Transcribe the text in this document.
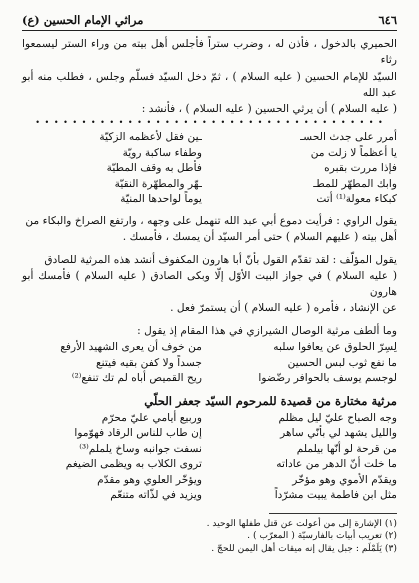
٦٤٦
مراثي الإمام الحسين (ع)

الحميري بالدخول ، فأذن له ، وضرب ستراً فأجلس أهل بيته من وراء الستر ليسمعوا رثاء

السيّد للإمام الحسين ( عليه السلام ) ، ثمّ دخل السيّد فسلّم وجلس ، فطلب منه أبو عبد الله

( عليه السلام ) أن يرثي الحسين ( عليه السلام ) ، فأنشد :

• • • • • • • • • • • • • • • • • • • • • • • • • • • • • • • • • • • • • •
أمرر على جدث الحسـ
ـين فقل لأعظمه الزكيّة
يا أعظماً لا زلت من
وطفاء ساكبة رويّة
فإذا مررت بقبره
فأطل به وقف المطيّة
وابك المطهّر للمطـ
ـهّر والمطهّرة النقيّة
كبكاء معولة⁽¹⁾ أتت
يوماً لواحدها المنيّة

يقول الراوي : فرأيت دموع أبي عبد الله تنهمل على وجهه ، وارتفع الصراخ والبكاء من

أهل بيته ( عليهم السلام ) حتى أمر السيّد أن يمسك ، فأمسك .

يقول المؤلّف : لقد تقدّم القول بأنّ أبا هارون المكفوف أنشد هذه المرثية للصادق

( عليه السلام ) في جواز البيت الأوّل إلّا وبكى الصادق ( عليه السلام ) فأمسك أبو هارون

عن الإنشاد ، فأمره ( عليه السلام ) أن يستمرّ فعل .

وما ألطف مرثية الوصال الشيرازي في هذا المقام إذ يقول :

لِسِرّ الحلوق عن يعافوا سلبه
من خوف أن يعرى الشهيد الأرفع
ما نفع ثوب لبس الحسين
جسداً ولا كفن بقيه فيتنع
لوجسم يوسف بالحوافر رضّضوا
ريح القميص أباه لم تك تنفع⁽²⁾
مرثية مختارة من قصيدة للمرحوم السيّد جعفر الحلّي
وجه الصباح عليّ ليل مظلم
وربيع أيامي عليّ محرّم
والليل يشهد لي بأنّي ساهر
إن طاب للناس الرقاد فهوّموا
من قرحة لو أنّها بيلملم
نسفت جوانبه وساخ يلملم⁽³⁾
ما خلت أنّ الدهر من عاداته
تروى الكلاب به ويظمى الضيغم
ويقدّم الأموي وهو مؤخّر
ويؤخّر العلوي وهو مقدّم
مثل ابن فاطمة يبيت مشرّداً
ويزيد في لذّاته متنعّم
(١) الإشارة إلى من أعولت عن قتل طفلها الوحيد .
(٢) تعريب أبيات بالفارسيّة ( المعرّب ) .
(٣) يَلَمْلَم : جبل يقال إنه ميقات أهل اليمن للحجّ .
